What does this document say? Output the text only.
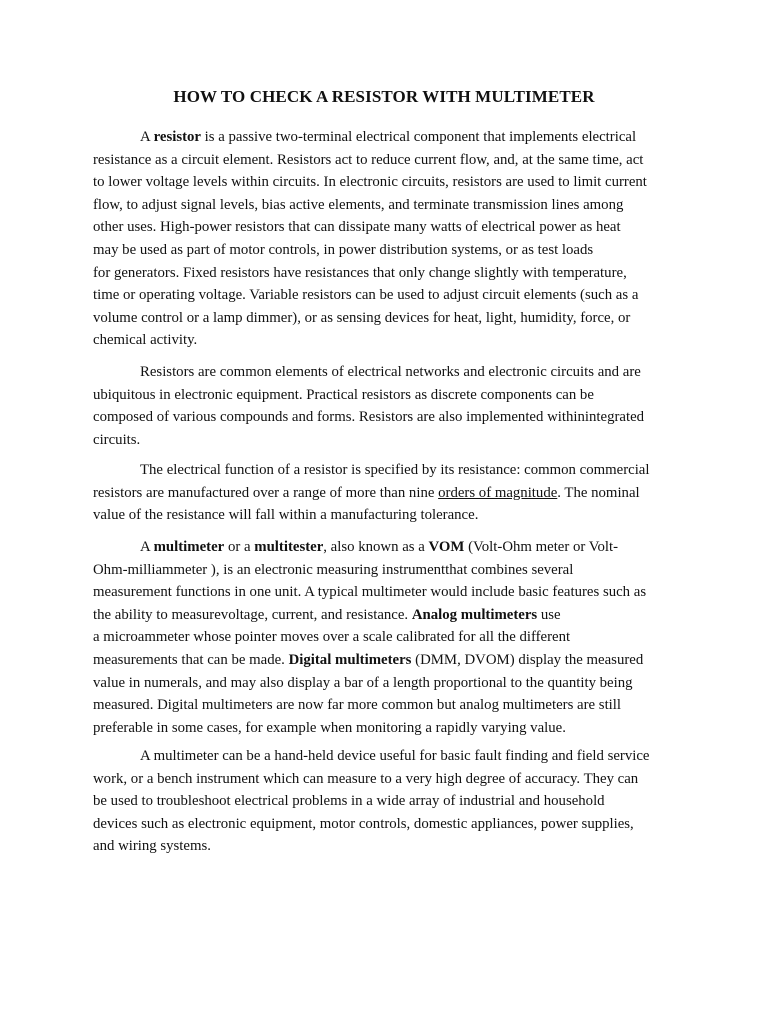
HOW TO CHECK A RESISTOR WITH MULTIMETER

A resistor is a passive two-terminal electrical component that implements electrical
resistance as a circuit element. Resistors act to reduce current flow, and, at the same time, act
to lower voltage levels within circuits. In electronic circuits, resistors are used to limit current
flow, to adjust signal levels, bias active elements, and terminate transmission lines among
other uses. High-power resistors that can dissipate many watts of electrical power as heat
may be used as part of motor controls, in power distribution systems, or as test loads
for generators. Fixed resistors have resistances that only change slightly with temperature,
time or operating voltage. Variable resistors can be used to adjust circuit elements (such as a
volume control or a lamp dimmer), or as sensing devices for heat, light, humidity, force, or
chemical activity.

Resistors are common elements of electrical networks and electronic circuits and are
ubiquitous in electronic equipment. Practical resistors as discrete components can be
composed of various compounds and forms. Resistors are also implemented withinintegrated
circuits.

The electrical function of a resistor is specified by its resistance: common commercial
resistors are manufactured over a range of more than nine orders of magnitude. The nominal
value of the resistance will fall within a manufacturing tolerance.

A multimeter or a multitester, also known as a VOM (Volt-Ohm meter or Volt-
Ohm-milliammeter ), is an electronic measuring instrumentthat combines several
measurement functions in one unit. A typical multimeter would include basic features such as
the ability to measurevoltage, current, and resistance. Analog multimeters use
a microammeter whose pointer moves over a scale calibrated for all the different
measurements that can be made. Digital multimeters (DMM, DVOM) display the measured
value in numerals, and may also display a bar of a length proportional to the quantity being
measured. Digital multimeters are now far more common but analog multimeters are still
preferable in some cases, for example when monitoring a rapidly varying value.

A multimeter can be a hand-held device useful for basic fault finding and field service
work, or a bench instrument which can measure to a very high degree of accuracy. They can
be used to troubleshoot electrical problems in a wide array of industrial and household
devices such as electronic equipment, motor controls, domestic appliances, power supplies,
and wiring systems.
